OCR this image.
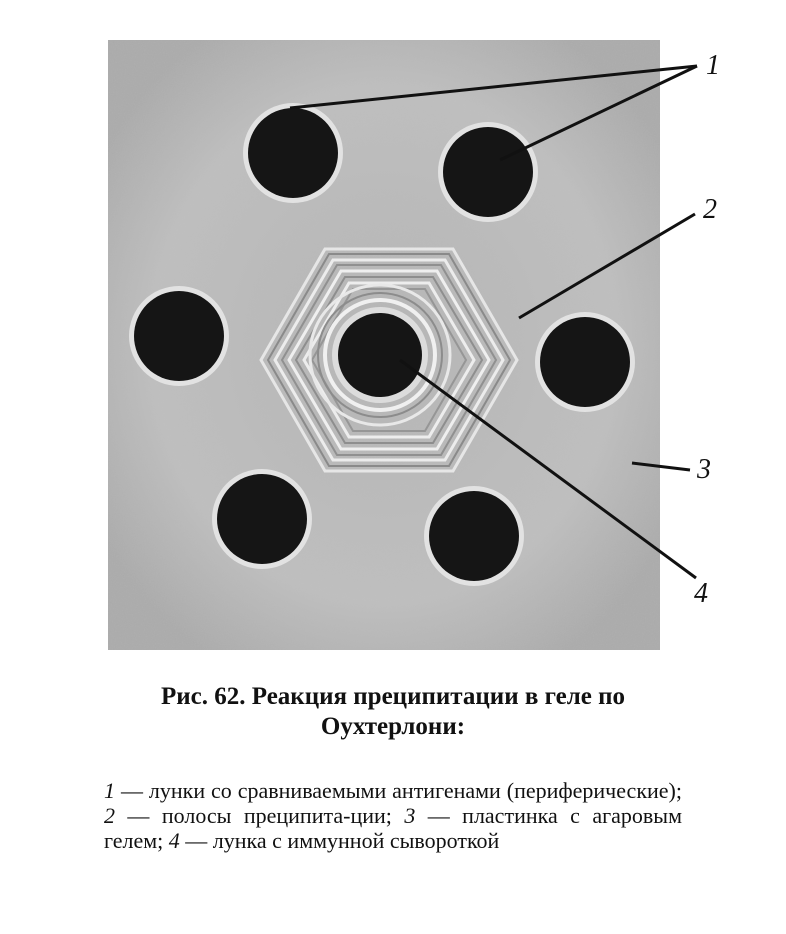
1
2
3
4
Рис. 62. Реакция преципитации в геле по
Оухтерлони:
1 — лунки со сравниваемыми антигенами (периферические); 2 — полосы преципита-ции; 3 — пластинка с агаровым гелем; 4 — лунка с иммунной сывороткой
